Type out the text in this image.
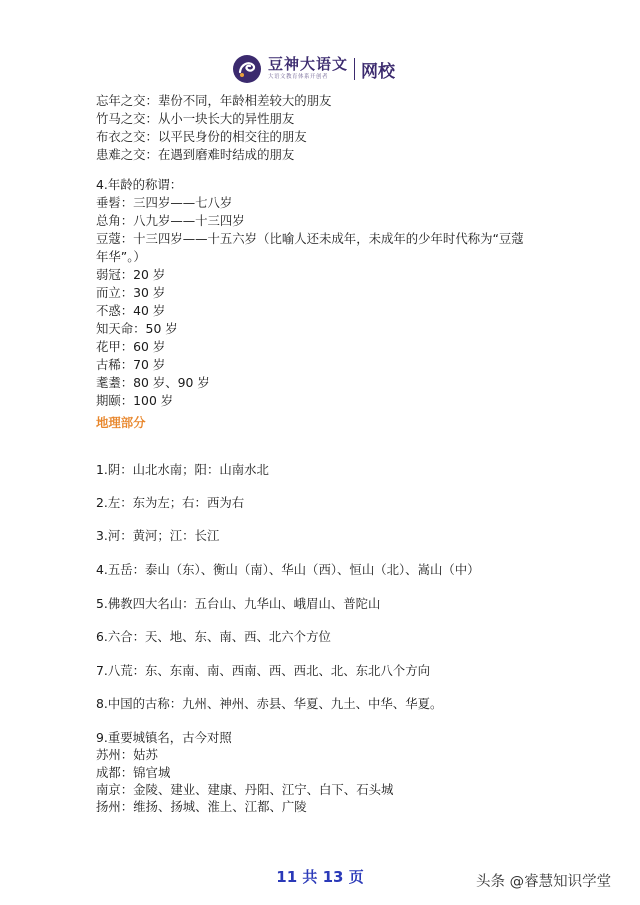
豆神大语文
大语文教育体系开创者	网校
忘年之交：辈份不同，年龄相差较大的朋友
竹马之交：从小一块长大的异性朋友
布衣之交：以平民身份的相交往的朋友
患难之交：在遇到磨难时结成的朋友
4.年龄的称谓：
垂髫：三四岁——七八岁
总角：八九岁——十三四岁
豆蔻：十三四岁——十五六岁（比喻人还未成年，未成年的少年时代称为“豆蔻
年华”。）
弱冠：20 岁
而立：30 岁
不惑：40 岁
知天命：50 岁
花甲：60 岁
古稀：70 岁
耄耋：80 岁、90 岁
期颐：100 岁
地理部分
1.阴：山北水南；阳：山南水北
2.左：东为左；右：西为右
3.河：黄河；江：长江
4.五岳：泰山（东）、衡山（南）、华山（西）、恒山（北）、嵩山（中）
5.佛教四大名山：五台山、九华山、峨眉山、普陀山
6.六合：天、地、东、南、西、北六个方位
7.八荒：东、东南、南、西南、西、西北、北、东北八个方向
8.中国的古称：九州、神州、赤县、华夏、九土、中华、华夏。
9.重要城镇名，古今对照
苏州：姑苏
成都：锦官城
南京：金陵、建业、建康、丹阳、江宁、白下、石头城
扬州：维扬、扬城、淮上、江都、广陵
11 共 13 页	头条 @睿慧知识学堂
